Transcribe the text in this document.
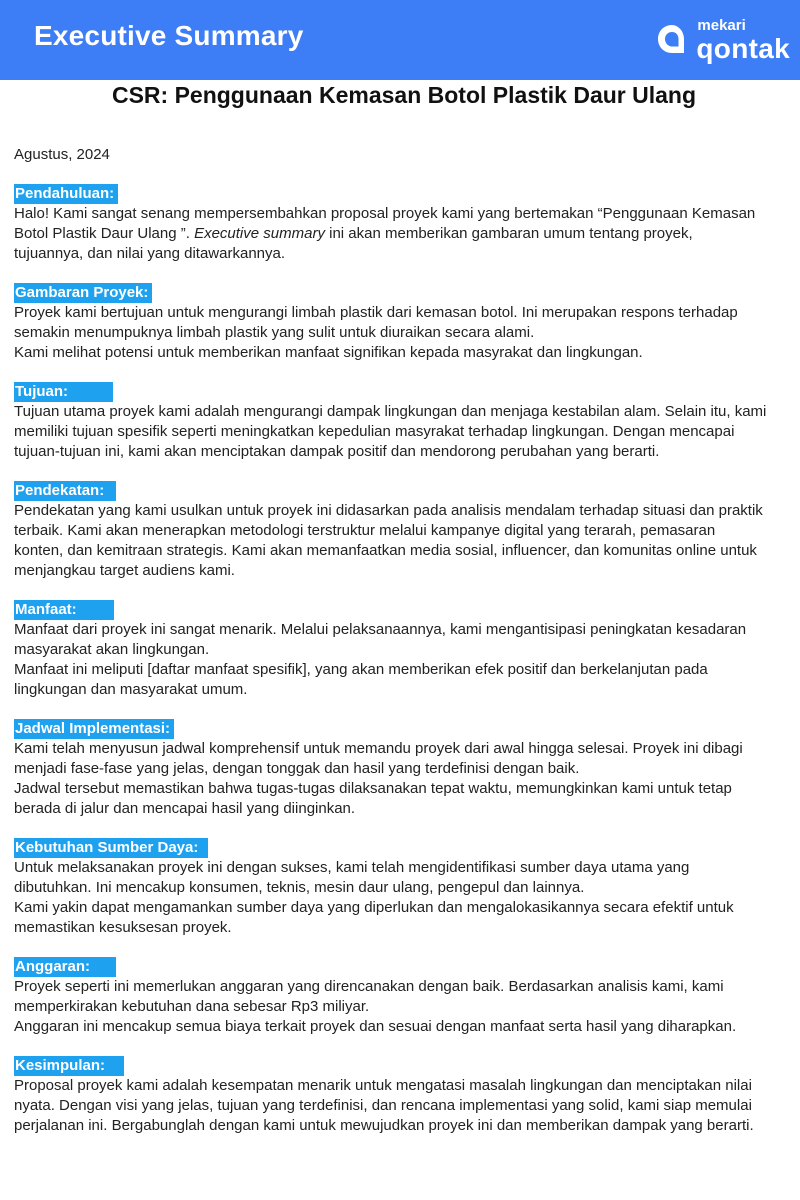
Executive Summary	mekari
qontak
CSR: Penggunaan Kemasan Botol Plastik Daur Ulang
Agustus, 2024
Pendahuluan:
Halo! Kami sangat senang mempersembahkan proposal proyek kami yang bertemakan “Penggunaan Kemasan
Botol Plastik Daur Ulang ”. Executive summary ini akan memberikan gambaran umum tentang proyek,
tujuannya, dan nilai yang ditawarkannya.
Gambaran Proyek:
Proyek kami bertujuan untuk mengurangi limbah plastik dari kemasan botol. Ini merupakan respons terhadap
semakin menumpuknya limbah plastik yang sulit untuk diuraikan secara alami.
Kami melihat potensi untuk memberikan manfaat signifikan kepada masyrakat dan lingkungan.
Tujuan:
Tujuan utama proyek kami adalah mengurangi dampak lingkungan dan menjaga kestabilan alam. Selain itu, kami
memiliki tujuan spesifik seperti meningkatkan kepedulian masyrakat terhadap lingkungan. Dengan mencapai
tujuan-tujuan ini, kami akan menciptakan dampak positif dan mendorong perubahan yang berarti.
Pendekatan:
Pendekatan yang kami usulkan untuk proyek ini didasarkan pada analisis mendalam terhadap situasi dan praktik
terbaik. Kami akan menerapkan metodologi terstruktur melalui kampanye digital yang terarah, pemasaran
konten, dan kemitraan strategis. Kami akan memanfaatkan media sosial, influencer, dan komunitas online untuk
menjangkau target audiens kami.
Manfaat:
Manfaat dari proyek ini sangat menarik. Melalui pelaksanaannya, kami mengantisipasi peningkatan kesadaran
masyarakat akan lingkungan.
Manfaat ini meliputi [daftar manfaat spesifik], yang akan memberikan efek positif dan berkelanjutan pada
lingkungan dan masyarakat umum.
Jadwal Implementasi:
Kami telah menyusun jadwal komprehensif untuk memandu proyek dari awal hingga selesai. Proyek ini dibagi
menjadi fase-fase yang jelas, dengan tonggak dan hasil yang terdefinisi dengan baik.
Jadwal tersebut memastikan bahwa tugas-tugas dilaksanakan tepat waktu, memungkinkan kami untuk tetap
berada di jalur dan mencapai hasil yang diinginkan.
Kebutuhan Sumber Daya:
Untuk melaksanakan proyek ini dengan sukses, kami telah mengidentifikasi sumber daya utama yang
dibutuhkan. Ini mencakup konsumen, teknis, mesin daur ulang, pengepul dan lainnya.
Kami yakin dapat mengamankan sumber daya yang diperlukan dan mengalokasikannya secara efektif untuk
memastikan kesuksesan proyek.
Anggaran:
Proyek seperti ini memerlukan anggaran yang direncanakan dengan baik. Berdasarkan analisis kami, kami
memperkirakan kebutuhan dana sebesar Rp3 miliyar.
Anggaran ini mencakup semua biaya terkait proyek dan sesuai dengan manfaat serta hasil yang diharapkan.
Kesimpulan:
Proposal proyek kami adalah kesempatan menarik untuk mengatasi masalah lingkungan dan menciptakan nilai
nyata. Dengan visi yang jelas, tujuan yang terdefinisi, dan rencana implementasi yang solid, kami siap memulai
perjalanan ini. Bergabunglah dengan kami untuk mewujudkan proyek ini dan memberikan dampak yang berarti.
